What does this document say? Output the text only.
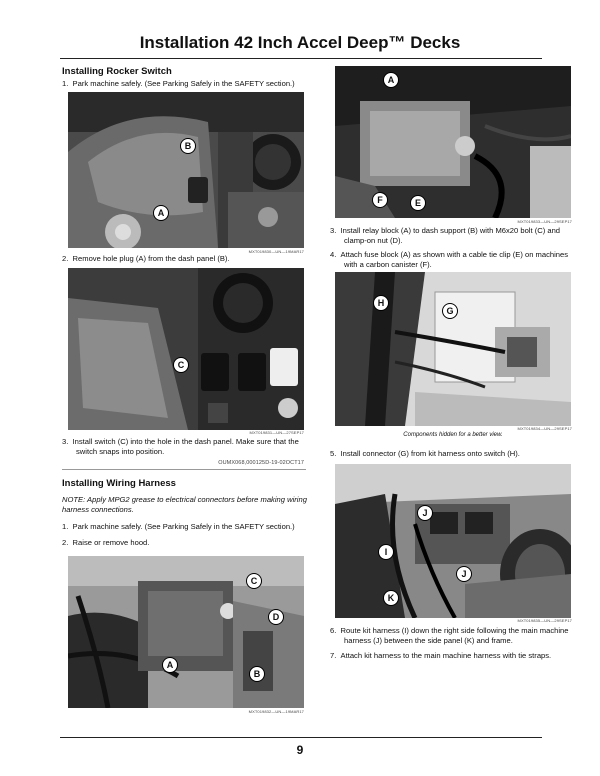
Installation 42 Inch Accel Deep™ Decks
Installing Rocker Switch
1.  Park machine safely. (See Parking Safely in the SAFETY section.)
B
A
MXT019830—UN—19MAR17
2.  Remove hole plug (A) from the dash panel (B).
C
MXT019831—UN—27SEP17
3.  Install switch (C) into the hole in the dash panel. Make sure that the switch snaps into position.
OUMX068,000125D-19-02OCT17
Installing Wiring Harness
NOTE: Apply MPG2 grease to electrical connectors before making wiring harness connections.
1.  Park machine safely. (See Parking Safely in the SAFETY section.)
2.  Raise or remove hood.
C
D
A
B
MXT019832—UN—19MAR17
A
F	E
MXT019833—UN—29SEP17
3.  Install relay block (A) to dash support (B) with M6x20 bolt (C) and clamp-on nut (D).
4.  Attach fuse block (A) as shown with a cable tie clip (E) on machines with a carbon canister (F).
H
G
MXT019834—UN—29SEP17
Components hidden for a better view.
5.  Install connector (G) from kit harness onto switch (H).
J
I
J
K
MXT019835—UN—29SEP17
6.  Route kit harness (I) down the right side following the main machine harness (J) between the side panel (K) and frame.
7.  Attach kit harness to the main machine harness with tie straps.
9
